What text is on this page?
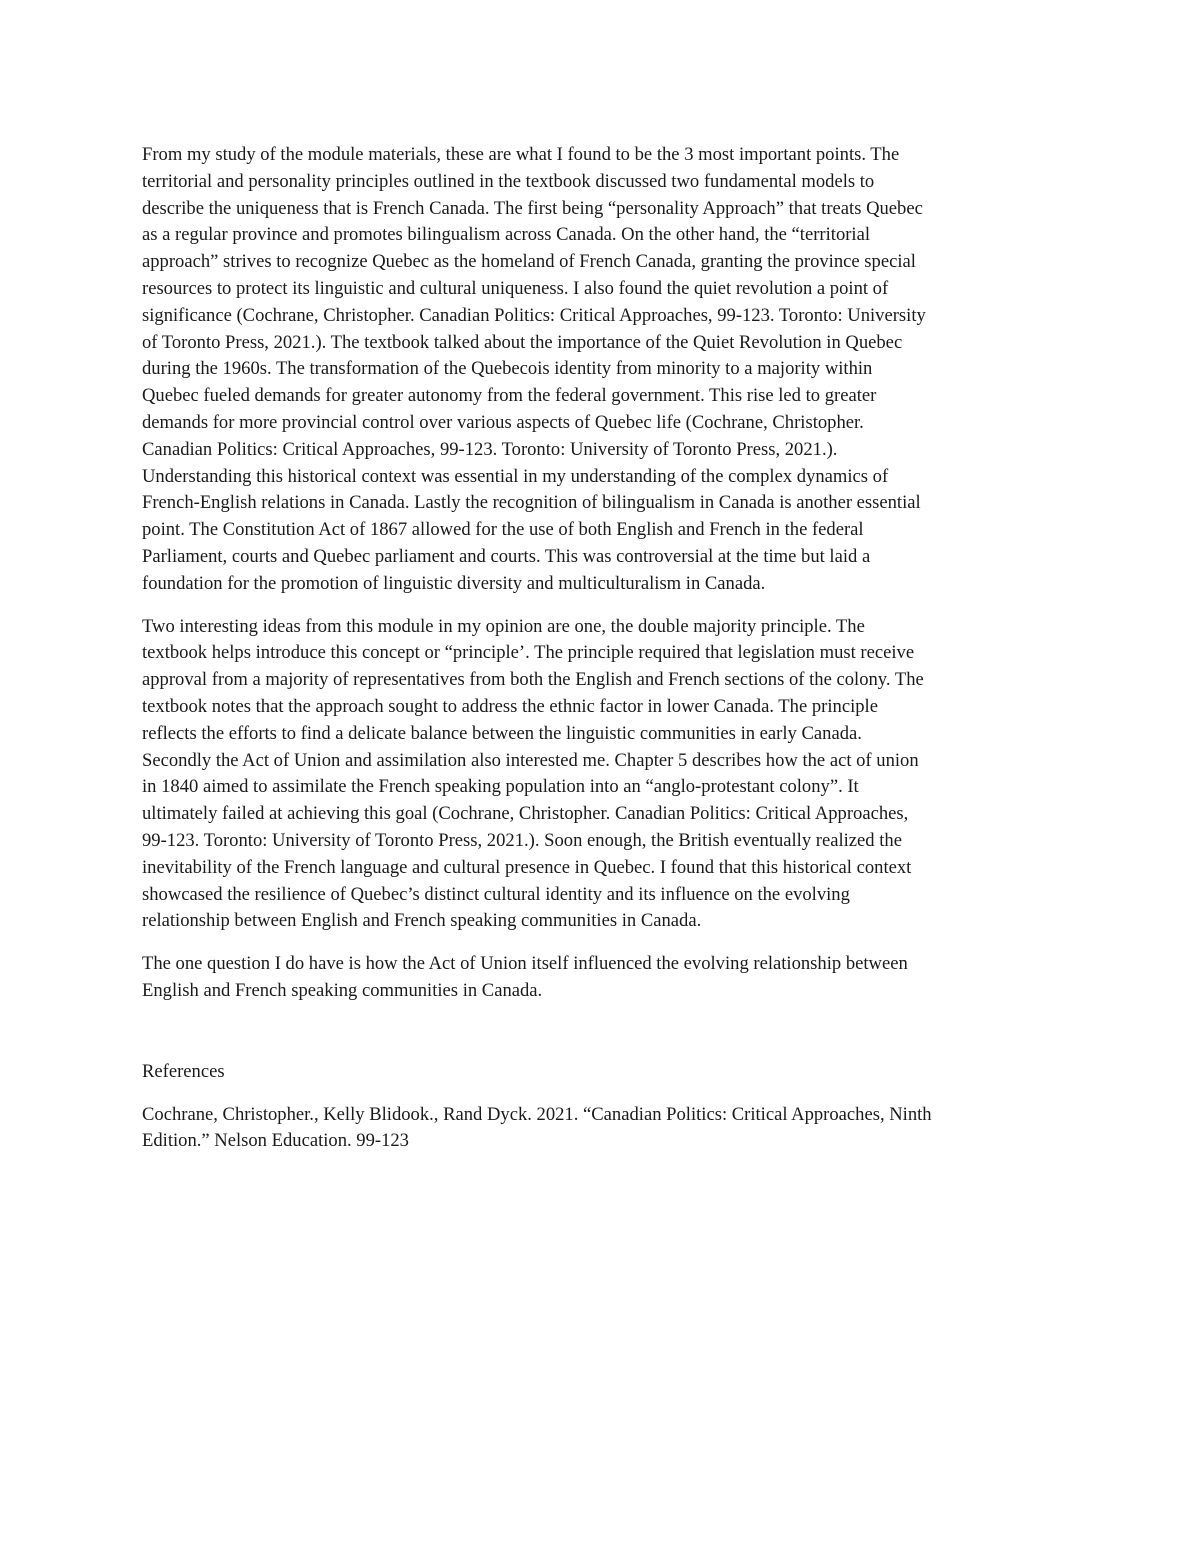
From my study of the module materials, these are what I found to be the 3 most important points. The
territorial and personality principles outlined in the textbook discussed two fundamental models to
describe the uniqueness that is French Canada. The first being “personality Approach” that treats Quebec
as a regular province and promotes bilingualism across Canada. On the other hand, the “territorial
approach” strives to recognize Quebec as the homeland of French Canada, granting the province special
resources to protect its linguistic and cultural uniqueness. I also found the quiet revolution a point of
significance (Cochrane, Christopher. Canadian Politics: Critical Approaches, 99-123. Toronto: University
of Toronto Press, 2021.). The textbook talked about the importance of the Quiet Revolution in Quebec
during the 1960s. The transformation of the Quebecois identity from minority to a majority within
Quebec fueled demands for greater autonomy from the federal government. This rise led to greater
demands for more provincial control over various aspects of Quebec life (Cochrane, Christopher.
Canadian Politics: Critical Approaches, 99-123. Toronto: University of Toronto Press, 2021.).
Understanding this historical context was essential in my understanding of the complex dynamics of
French-English relations in Canada. Lastly the recognition of bilingualism in Canada is another essential
point. The Constitution Act of 1867 allowed for the use of both English and French in the federal
Parliament, courts and Quebec parliament and courts. This was controversial at the time but laid a
foundation for the promotion of linguistic diversity and multiculturalism in Canada.

Two interesting ideas from this module in my opinion are one, the double majority principle. The
textbook helps introduce this concept or “principle’. The principle required that legislation must receive
approval from a majority of representatives from both the English and French sections of the colony. The
textbook notes that the approach sought to address the ethnic factor in lower Canada. The principle
reflects the efforts to find a delicate balance between the linguistic communities in early Canada.
Secondly the Act of Union and assimilation also interested me. Chapter 5 describes how the act of union
in 1840 aimed to assimilate the French speaking population into an “anglo-protestant colony”. It
ultimately failed at achieving this goal (Cochrane, Christopher. Canadian Politics: Critical Approaches,
99-123. Toronto: University of Toronto Press, 2021.). Soon enough, the British eventually realized the
inevitability of the French language and cultural presence in Quebec. I found that this historical context
showcased the resilience of Quebec’s distinct cultural identity and its influence on the evolving
relationship between English and French speaking communities in Canada.

The one question I do have is how the Act of Union itself influenced the evolving relationship between
English and French speaking communities in Canada.

References

Cochrane, Christopher., Kelly Blidook., Rand Dyck. 2021. “Canadian Politics: Critical Approaches, Ninth
Edition.” Nelson Education. 99-123
